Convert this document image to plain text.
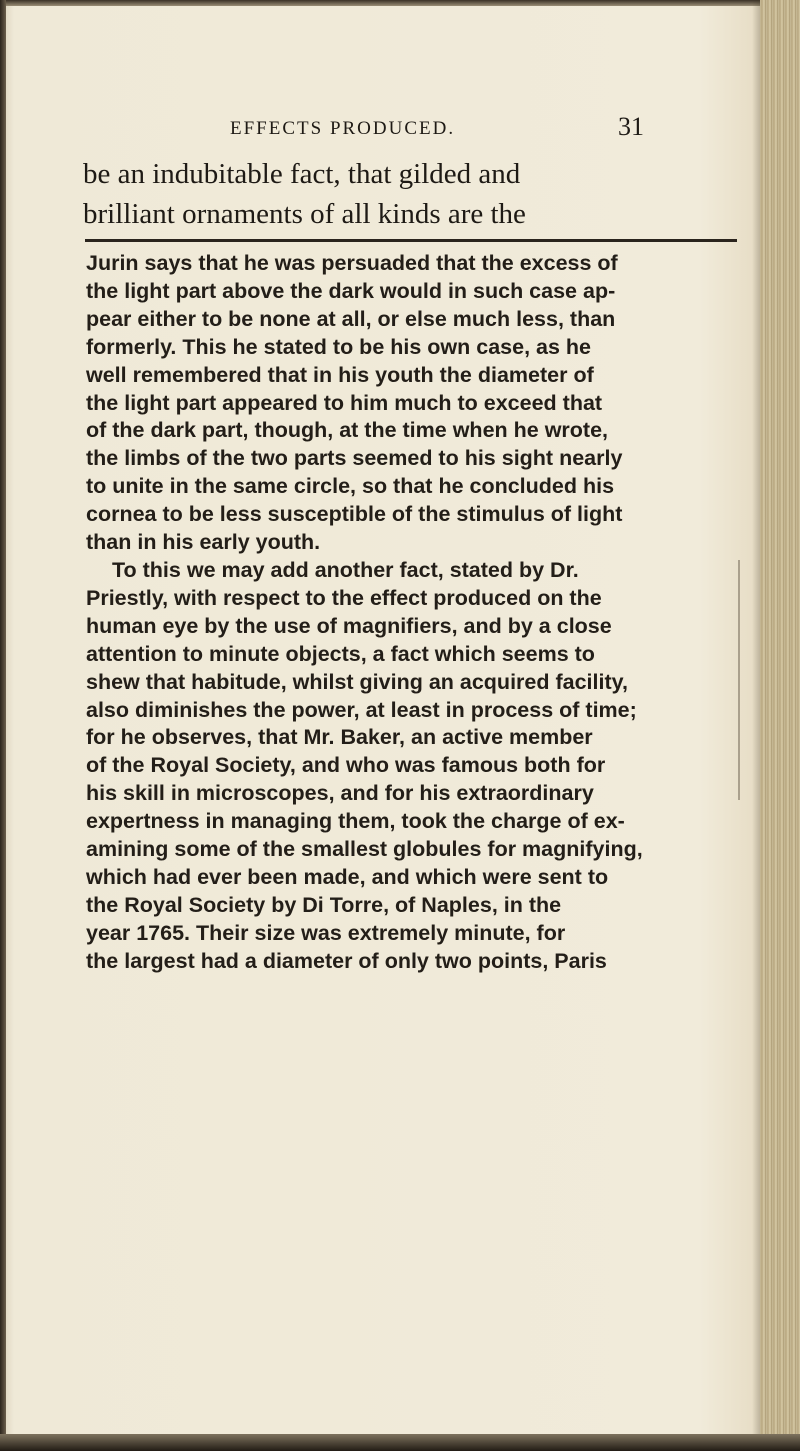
EFFECTS PRODUCED.	31
be an indubitable fact, that gilded and
brilliant ornaments of all kinds are the
Jurin says that he was persuaded that the excess of
the light part above the dark would in such case ap-
pear either to be none at all, or else much less, than
formerly. This he stated to be his own case, as he
well remembered that in his youth the diameter of
the light part appeared to him much to exceed that
of the dark part, though, at the time when he wrote,
the limbs of the two parts seemed to his sight nearly
to unite in the same circle, so that he concluded his
cornea to be less susceptible of the stimulus of light
than in his early youth.
To this we may add another fact, stated by Dr.
Priestly, with respect to the effect produced on the
human eye by the use of magnifiers, and by a close
attention to minute objects, a fact which seems to
shew that habitude, whilst giving an acquired facility,
also diminishes the power, at least in process of time;
for he observes, that Mr. Baker, an active member
of the Royal Society, and who was famous both for
his skill in microscopes, and for his extraordinary
expertness in managing them, took the charge of ex-
amining some of the smallest globules for magnifying,
which had ever been made, and which were sent to
the Royal Society by Di Torre, of Naples, in the
year 1765. Their size was extremely minute, for
the largest had a diameter of only two points, Paris
